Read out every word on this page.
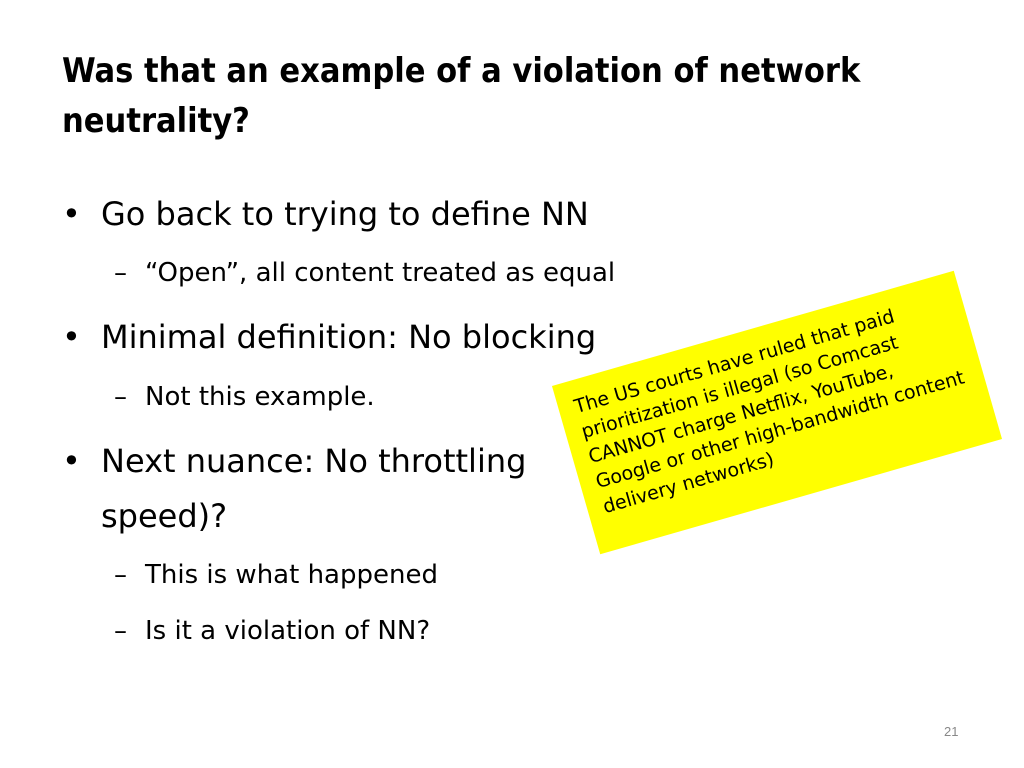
Was that an example of a violation of network neutrality?
• Go back to trying to define NN
– “Open”, all content treated as equal
• Minimal definition: No blocking
– Not this example.
• Next nuance: No throttling
speed)?
– This is what happened
– Is it a violation of NN?

The US courts have ruled that paid prioritization is illegal (so Comcast CANNOT charge Netflix, YouTube, Google or other high-bandwidth content delivery networks)

21
